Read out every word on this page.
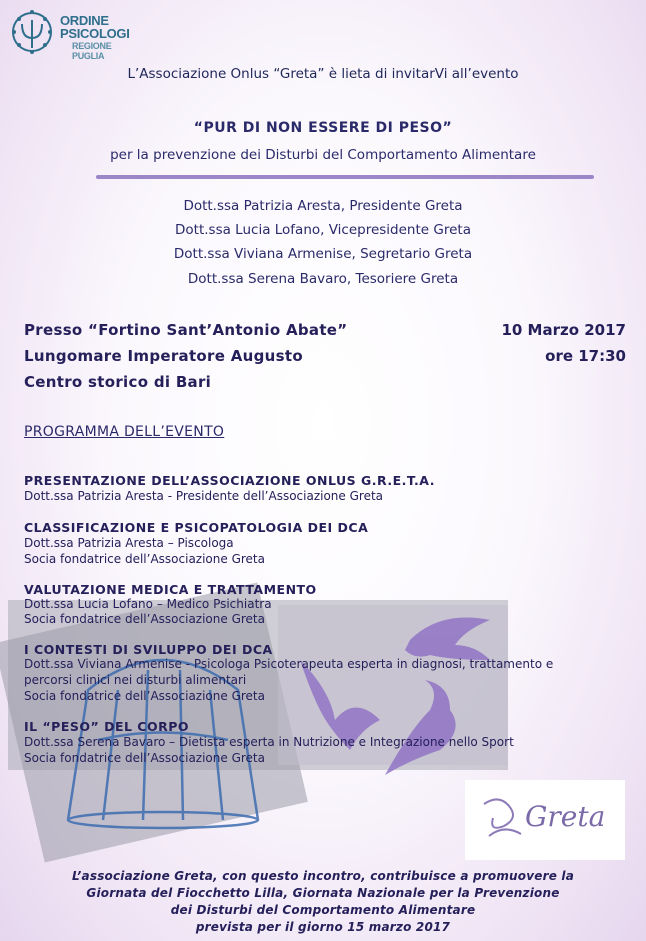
ORDINE
PSICOLOGI
REGIONE PUGLIA
L’Associazione Onlus “Greta” è lieta di invitarVi all’evento
“PUR DI NON ESSERE DI PESO”
per la prevenzione dei Disturbi del Comportamento Alimentare
Dott.ssa Patrizia Aresta, Presidente Greta
Dott.ssa Lucia Lofano, Vicepresidente Greta
Dott.ssa Viviana Armenise, Segretario Greta
Dott.ssa Serena Bavaro, Tesoriere Greta
Presso “Fortino Sant’Antonio Abate”
Lungomare Imperatore Augusto
Centro storico di Bari
10 Marzo 2017
ore 17:30
PROGRAMMA DELL’EVENTO
PRESENTAZIONE DELL’ASSOCIAZIONE ONLUS G.R.E.T.A.
Dott.ssa Patrizia Aresta - Presidente dell’Associazione Greta
CLASSIFICAZIONE E PSICOPATOLOGIA DEI DCA
Dott.ssa Patrizia Aresta – Piscologa
Socia fondatrice dell’Associazione Greta
VALUTAZIONE MEDICA E TRATTAMENTO
Dott.ssa Lucia Lofano – Medico Psichiatra
Socia fondatrice dell’Associazione Greta
I CONTESTI DI SVILUPPO DEI DCA
Dott.ssa Viviana Armenise - Psicologa Psicoterapeuta esperta in diagnosi, trattamento e
percorsi clinici nei disturbi alimentari
Socia fondatrice dell’Associazione Greta
IL “PESO” DEL CORPO
Dott.ssa Serena Bavaro – Dietista esperta in Nutrizione e Integrazione nello Sport
Socia fondatrice dell’Associazione Greta
Greta
L’associazione Greta, con questo incontro, contribuisce a promuovere la
Giornata del Fiocchetto Lilla, Giornata Nazionale per la Prevenzione
dei Disturbi del Comportamento Alimentare
prevista per il giorno 15 marzo 2017
